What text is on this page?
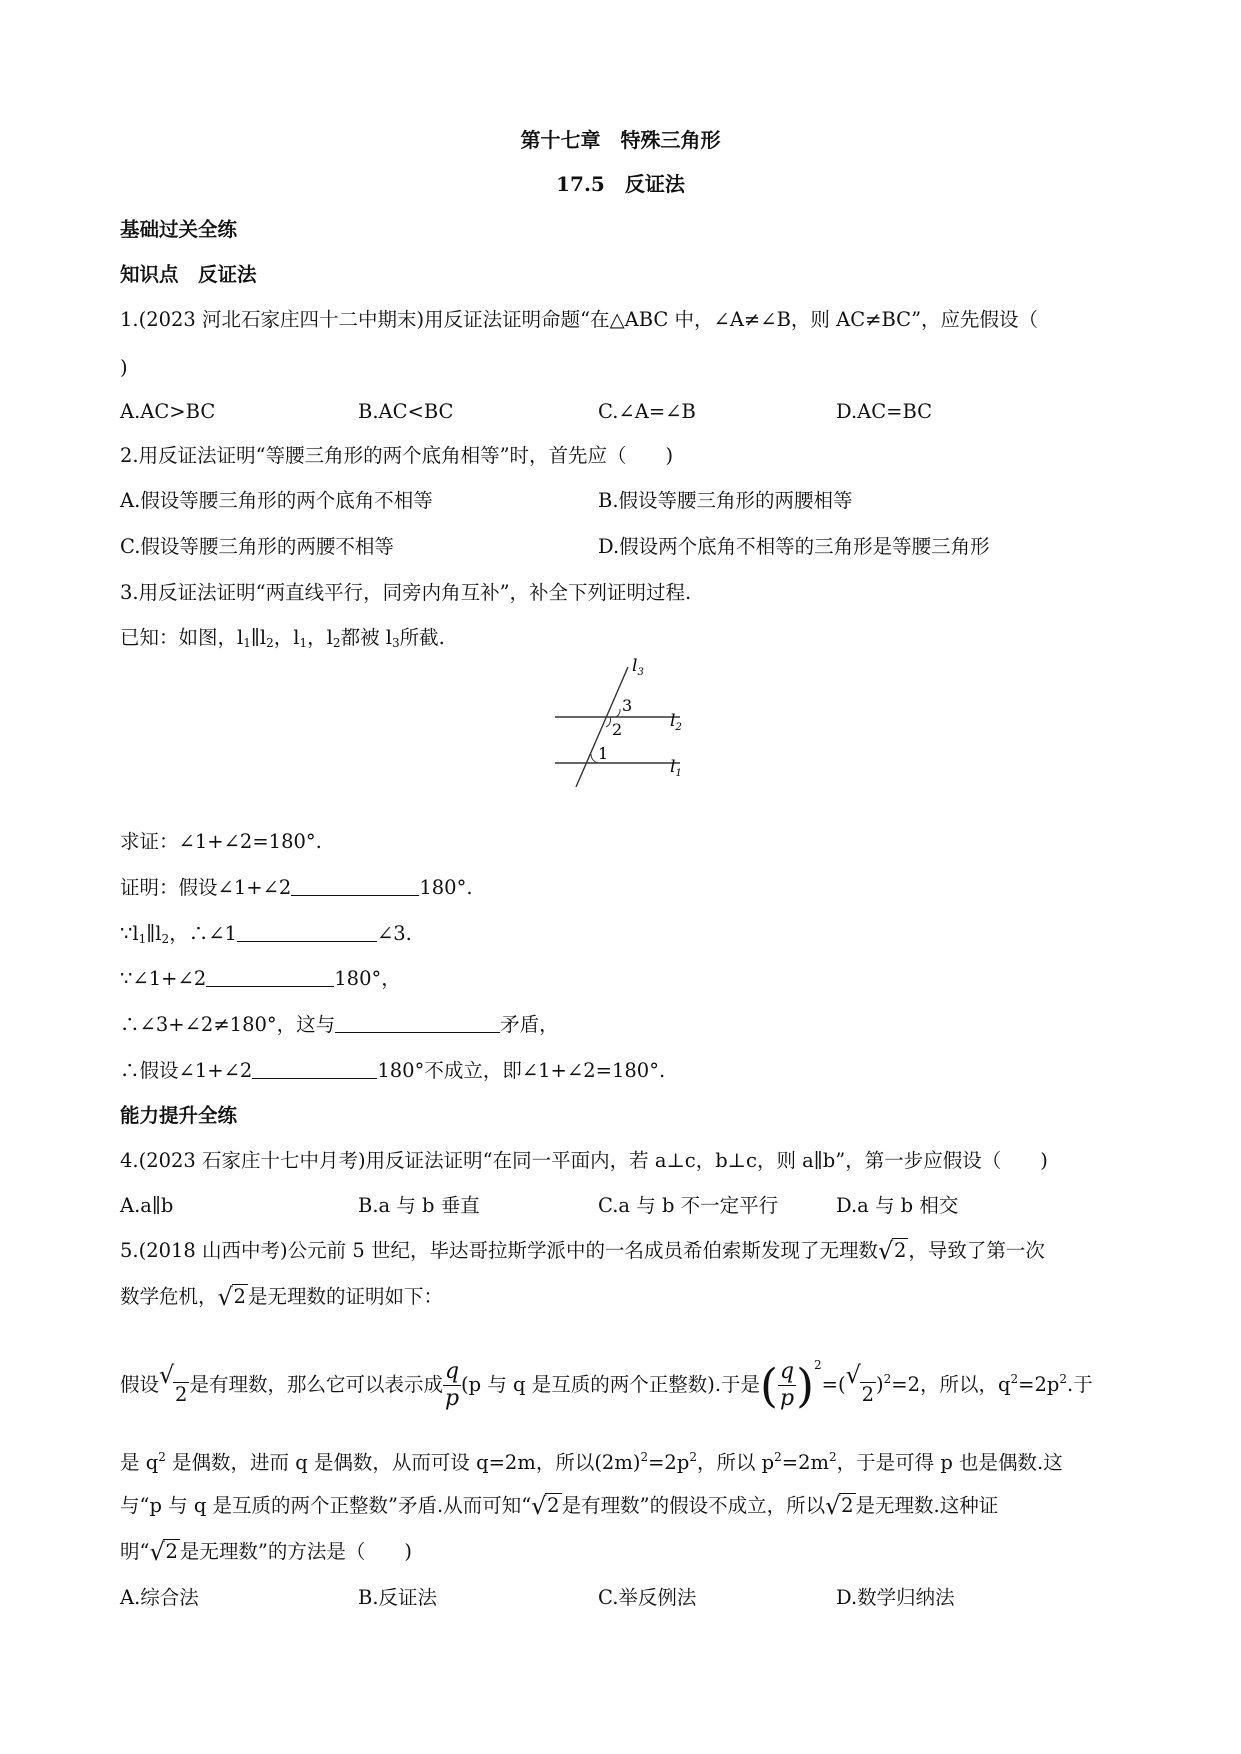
第十七章　特殊三角形
17.5　反证法
基础过关全练
知识点　反证法
1.(2023 河北石家庄四十二中期末)用反证法证明命题“在△ABC 中，∠A≠∠B，则 AC≠BC”，应先假设（
)
A.AC>BC	B.AC<BC	C.∠A=∠B	D.AC=BC
2.用反证法证明“等腰三角形的两个底角相等”时，首先应（　　)
A.假设等腰三角形的两个底角不相等	B.假设等腰三角形的两腰相等
C.假设等腰三角形的两腰不相等	D.假设两个底角不相等的三角形是等腰三角形
3.用反证法证明“两直线平行，同旁内角互补”，补全下列证明过程.
已知：如图，$l_1\parallel l_2$，$l_1$，$l_2$都被 $l_3$所截.
$l_3$
$l_2$
$l_1$
3
2
1
求证：∠1+∠2=180°.
证明：假设∠1+∠2	180°.
$\because l_1\parallel l_2$，∴∠1	∠3.
∵∠1+∠2	180°，
∴∠3+∠2≠180°，这与	矛盾，
∴假设∠1+∠2	180°不成立，即∠1+∠2=180°.
能力提升全练
4.(2023 石家庄十七中月考)用反证法证明“在同一平面内，若 a⊥c，b⊥c，则 a∥b”，第一步应假设（　　)
A.a∥b	B.a 与 b 垂直	C.a 与 b 不一定平行	D.a 与 b 相交
5.(2018 山西中考)公元前 5 世纪，毕达哥拉斯学派中的一名成员希伯索斯发现了无理数 √ 2 ，导致了第一次
数学危机， √ 2 是无理数的证明如下：
假设 √
2 是有理数，那么它可以表示成 $\frac{q}{p} (p$ 与 q 是互质的两个正整数).于是( $\frac{q}{p} )^2=$( √
2 )$^2$=2，所以，$q^2=2p^2$.于
是 $q^2$ 是偶数，进而 q 是偶数，从而可设 q=2m，所以$(2m)^2=2p^2$，所以 $p^2=2m^2$，于是可得 p 也是偶数.这
与“p 与 q 是互质的两个正整数”矛盾.从而可知“ √ 2 是有理数”的假设不成立，所以 √ 2 是无理数.这种证
明“ √ 2 是无理数”的方法是（　　)
A.综合法	B.反证法	C.举反例法	D.数学归纳法
